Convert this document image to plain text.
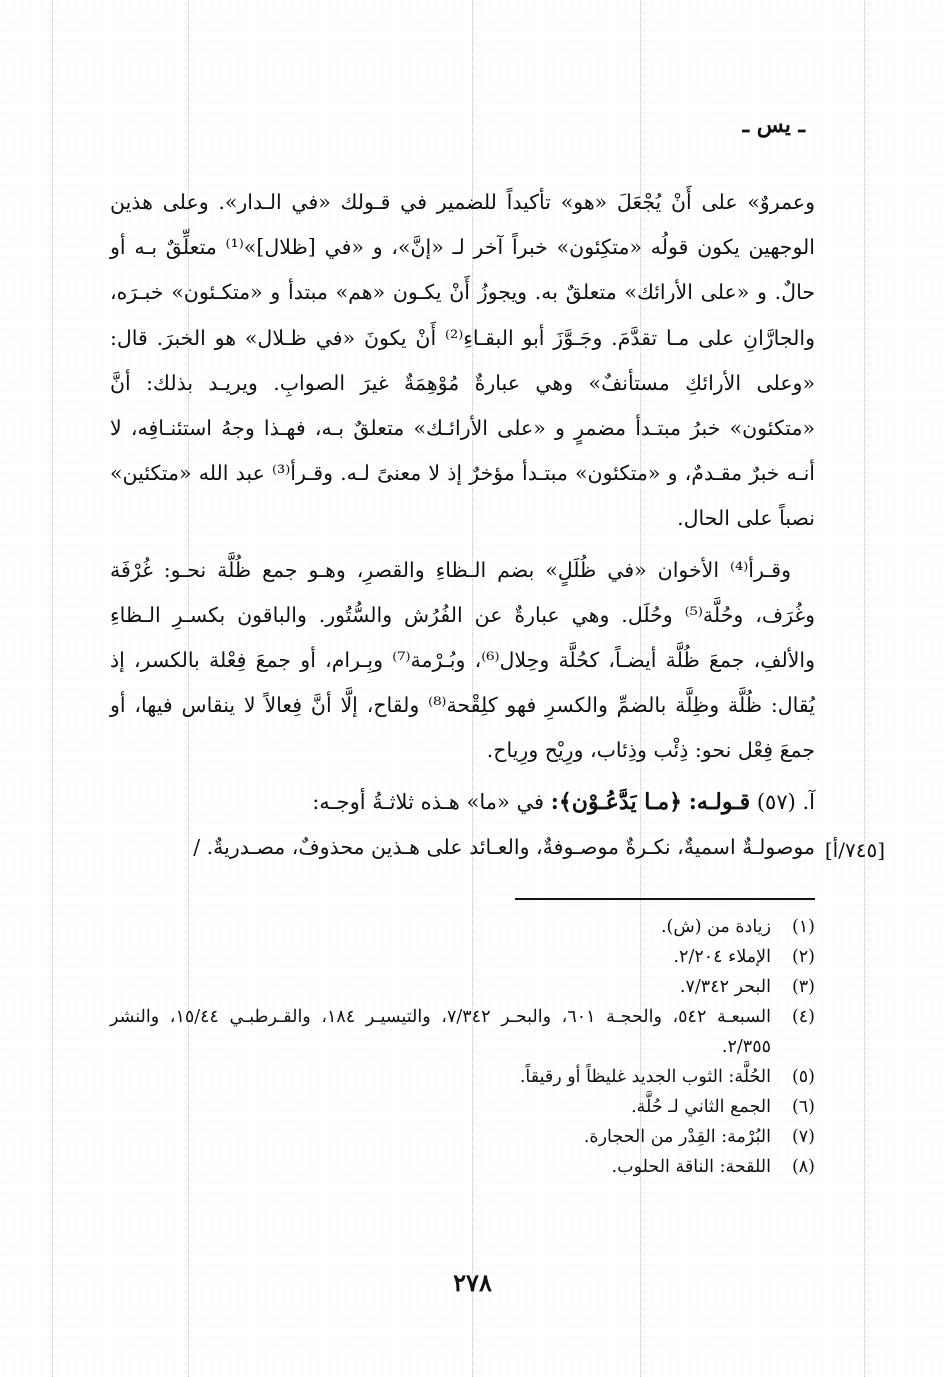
ـ يس ـ

وعمروٌ» على أَنْ يُجْعَلَ «هو» تأكيداً للضمير في قـولك «في الـدار». وعلى هذين الوجهين يكون قولُه «متكِئون» خبراً آخر لـ «إنَّ»، و «في [ظلال]»⁽¹⁾ متعلِّقٌ بـه أو حالٌ. و «على الأرائك» متعلقٌ به. ويجوزُ أَنْ يكـون «هم» مبتدأ و «متكـئون» خبـرَه، والجارَّانِ على مـا تقدَّمَ. وجَـوَّزَ أبو البقـاءِ⁽²⁾ أَنْ يكونَ «في ظـلال» هو الخبرَ. قال: «وعلى الأرائكِ مستأنفٌ» وهي عبارةٌ مُوْهِمَةٌ غيرَ الصوابِ. ويريـد بذلك: أنَّ «متكئون» خبرُ مبتـدأ مضمرٍ و «على الأرائـك» متعلقٌ بـه، فهـذا وجهُ استئنـافِه، لا أنـه خبرٌ مقـدمٌ، و «متكئون» مبتـدأ مؤخرٌ إذ لا معنىً لـه. وقـرأ⁽³⁾ عبد الله «متكئين» نصباً على الحال.

وقـرأ⁽⁴⁾ الأخوان «في ظُلَلٍ» بضم الـظاءِ والقصرِ، وهـو جمع ظُلَّة نحـو: غُرْفَة وغُرَف، وحُلَّة⁽⁵⁾ وحُلَل. وهي عبارةٌ عن الفُرُش والسُّتُور. والباقون بكسـرِ الـظاءِ والألفِ، جمعَ ظُلَّة أيضـاً، كحُلَّة وحِلال⁽⁶⁾، وبُـرْمة⁽⁷⁾ وبِـرام، أو جمعَ فِعْلة بالكسر، إذ يُقال: ظُلَّة وظِلَّة بالضمِّ والكسرِ فهو كلِقْحة⁽⁸⁾ ولقاح، إلَّا أنَّ فِعالاً لا ينقاس فيها، أو جمعَ فِعْل نحو: ذِئْب وذِئاب، ورِيْح ورِياح.

آ. (٥٧) قـولـه: ﴿مـا يَدَّعُـوْن﴾: في «ما» هـذه ثلاثـةُ أوجـه:

موصولـةٌ اسميةٌ، نكـرةٌ موصـوفةٌ، والعـائد على هـذين محذوفٌ، مصـدريةٌ. / [٧٤٥/أ]
(١)
زيادة من (ش).
(٢)
الإملاء ٢/٢٠٤.
(٣)
البحر ٧/٣٤٢.
(٤)
السبعـة ٥٤٢، والحجـة ٦٠١، والبحـر ٧/٣٤٢، والتيسيـر ١٨٤، والقـرطبـي ١٥/٤٤، والنشر ٢/٣٥٥.
(٥)
الحُلَّة: الثوب الجديد غليظاً أو رقيقاً.
(٦)
الجمع الثاني لـ حُلَّة.
(٧)
البُرْمة: القِدْر من الحجارة.
(٨)
اللقحة: الناقة الحلوب.
٢٧٨
